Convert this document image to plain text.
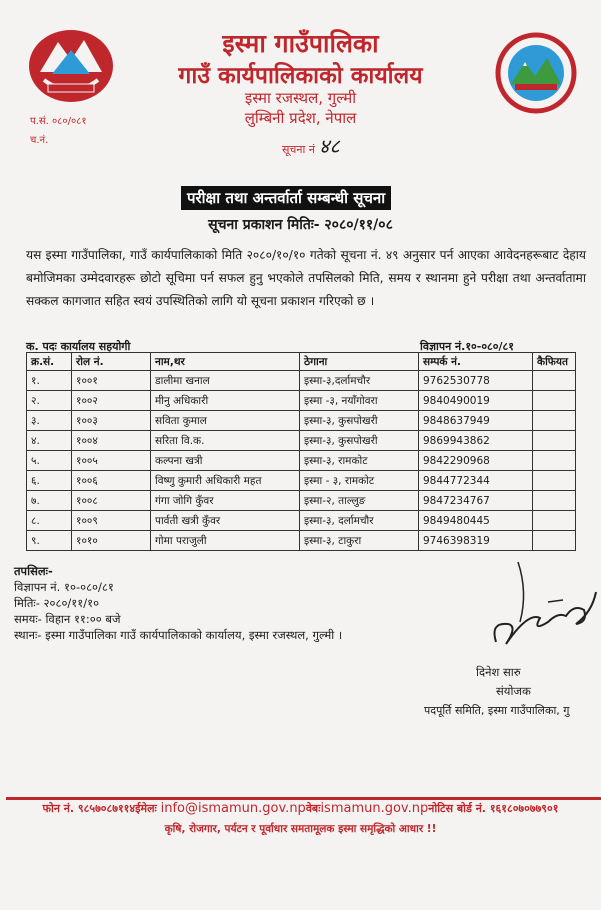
इस्मा गाउँपालिका
गाउँ कार्यपालिकाको कार्यालय
इस्मा रजस्थल, गुल्मी
लुम्बिनी प्रदेश, नेपाल
प.सं. ०८०/०८१
च.नं.
सूचना नं ४८
परीक्षा तथा अन्तर्वार्ता सम्बन्धी सूचना
सूचना प्रकाशन मितिः- २०८०/११/०८
यस इस्मा गाउँपालिका, गाउँ कार्यपालिकाको मिति २०८०/१०/१० गतेको सूचना नं. ४९ अनुसार पर्न आएका आवेदनहरूबाट देहाय बमोजिमका उम्मेदवारहरू छोटो सूचिमा पर्न सफल हुनु भएकोले तपसिलको मिति, समय र स्थानमा हुने परीक्षा तथा अन्तर्वातामा सक्कल कागजात सहित स्वयं उपस्थितिको लागि यो सूचना प्रकाशन गरिएको छ ।
क. पदः कार्यालय सहयोगी	विज्ञापन नं.१०-०८०/८१
क्र.सं.	रोल नं.	नाम,थर	ठेगाना	सम्पर्क नं.	कैफियत
१.	१००१	डालीमा खनाल	इस्मा-३,दर्लामचौर	9762530778	
२.	१००२	मीनु अधिकारी	इस्मा -३, नयाँगोवरा	9840490019	
३.	१००३	सविता कुमाल	इस्मा-३, कुसपोखरी	9848637949	
४.	१००४	सरिता वि.क.	इस्मा-३, कुसपोखरी	9869943862	
५.	१००५	कल्पना खत्री	इस्मा-३, रामकोट	9842290968	
६.	१००६	विष्णु कुमारी अधिकारी महत	इस्मा - ३, रामकोट	9844772344	
७.	१००८	गंगा जोगि कुँवर	इस्मा-२, ताल्लुङ	9847234767	
८.	१००९	पार्वती खत्री कुँवर	इस्मा-३, दर्लामचौर	9849480445	
९.	१०१०	गोमा पराजुली	इस्मा-३, टाकुरा	9746398319	
तपसिलः-
विज्ञापन नं. १०-०८०/८१
मितिः- २०८०/११/१०
समयः- विहान ११:०० बजे
स्थानः- इस्मा गाउँपालिका गाउँ कार्यपालिकाको कार्यालय, इस्मा रजस्थल, गुल्मी ।
दिनेश सारु
संयोजक
पदपूर्ति समिति, इस्मा गाउँपालिका, गु
फोन नं. ९८५७०८७११४ईमेलः info@ismamun.gov.npवेबःismamun.gov.npनोटिस बोर्ड नं. १६१८०७०७७९०१
कृषि, रोजगार, पर्यटन र पूर्वाधार समतामूलक इस्मा समृद्धिको आधार !!
